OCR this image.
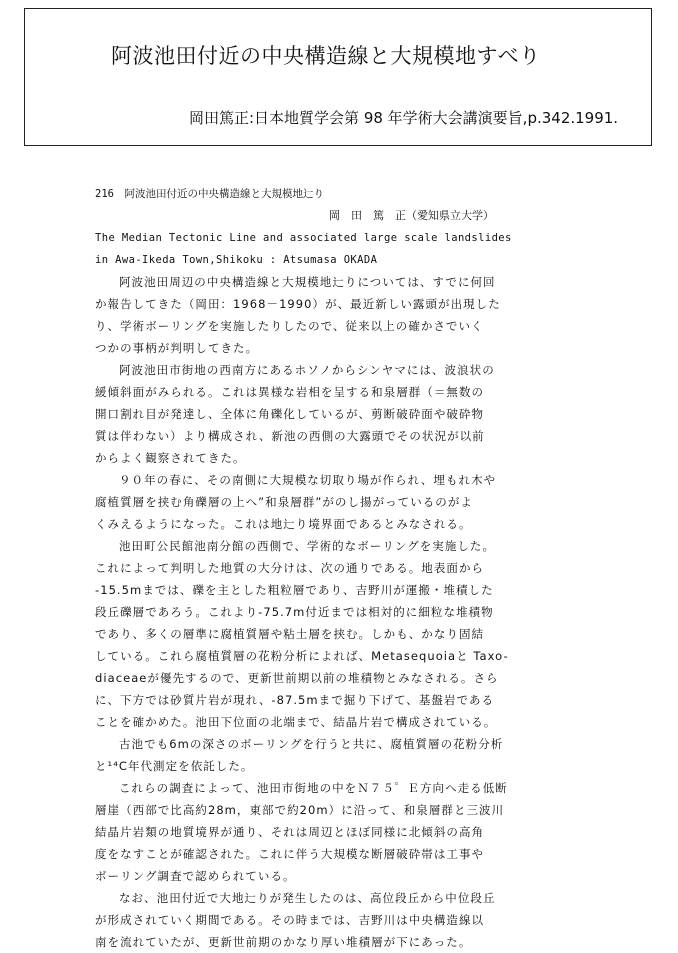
阿波池田付近の中央構造線と大規模地すべり
岡田篤正:日本地質学会第 98 年学術大会講演要旨,p.342.1991.
216　阿波池田付近の中央構造線と大規模地辷り
岡　田　篤　正（愛知県立大学）
The Median Tectonic Line and associated large scale landslides
in Awa-Ikeda Town,Shikoku : Atsumasa OKADA
阿波池田周辺の中央構造線と大規模地辷りについては、すでに何回
か報告してきた（岡田：1968－1990）が、最近新しい露頭が出現した
り、学術ボーリングを実施したりしたので、従来以上の確かさでいく
つかの事柄が判明してきた。
阿波池田市街地の西南方にあるホソノからシンヤマには、波浪状の
緩傾斜面がみられる。これは異様な岩相を呈する和泉層群（＝無数の
開口割れ目が発達し、全体に角礫化しているが、剪断破砕面や破砕物
質は伴わない）より構成され、新池の西側の大露頭でその状況が以前
からよく観察されてきた。
９０年の春に、その南側に大規模な切取り場が作られ、埋もれ木や
腐植質層を挟む角礫層の上へ”和泉層群”がのし揚がっているのがよ
くみえるようになった。これは地辷り境界面であるとみなされる。
池田町公民館池南分館の西側で、学術的なボーリングを実施した。
これによって判明した地質の大分けは、次の通りである。地表面から
-15.5mまでは、礫を主とした粗粒層であり、吉野川が運搬・堆積した
段丘礫層であろう。これより-75.7m付近までは相対的に細粒な堆積物
であり、多くの層準に腐植質層や粘土層を挟む。しかも、かなり固結
している。これら腐植質層の花粉分析によれば、Metasequoiaと Taxo-
diaceaeが優先するので、更新世前期以前の堆積物とみなされる。さら
に、下方では砂質片岩が現れ、-87.5mまで掘り下げて、基盤岩である
ことを確かめた。池田下位面の北端まで、結晶片岩で構成されている。
古池でも6mの深さのボーリングを行うと共に、腐植質層の花粉分析
と¹⁴C年代測定を依託した。
これらの調査によって、池田市街地の中をＮ７５゜Ｅ方向へ走る低断
層崖（西部で比高約28m，東部で約20m）に沿って、和泉層群と三波川
結晶片岩類の地質境界が通り、それは周辺とほぼ同様に北傾斜の高角
度をなすことが確認された。これに伴う大規模な断層破砕帯は工事や
ボーリング調査で認められている。
なお、池田付近で大地辷りが発生したのは、高位段丘から中位段丘
が形成されていく期間である。その時までは、吉野川は中央構造線以
南を流れていたが、更新世前期のかなり厚い堆積層が下にあった。
